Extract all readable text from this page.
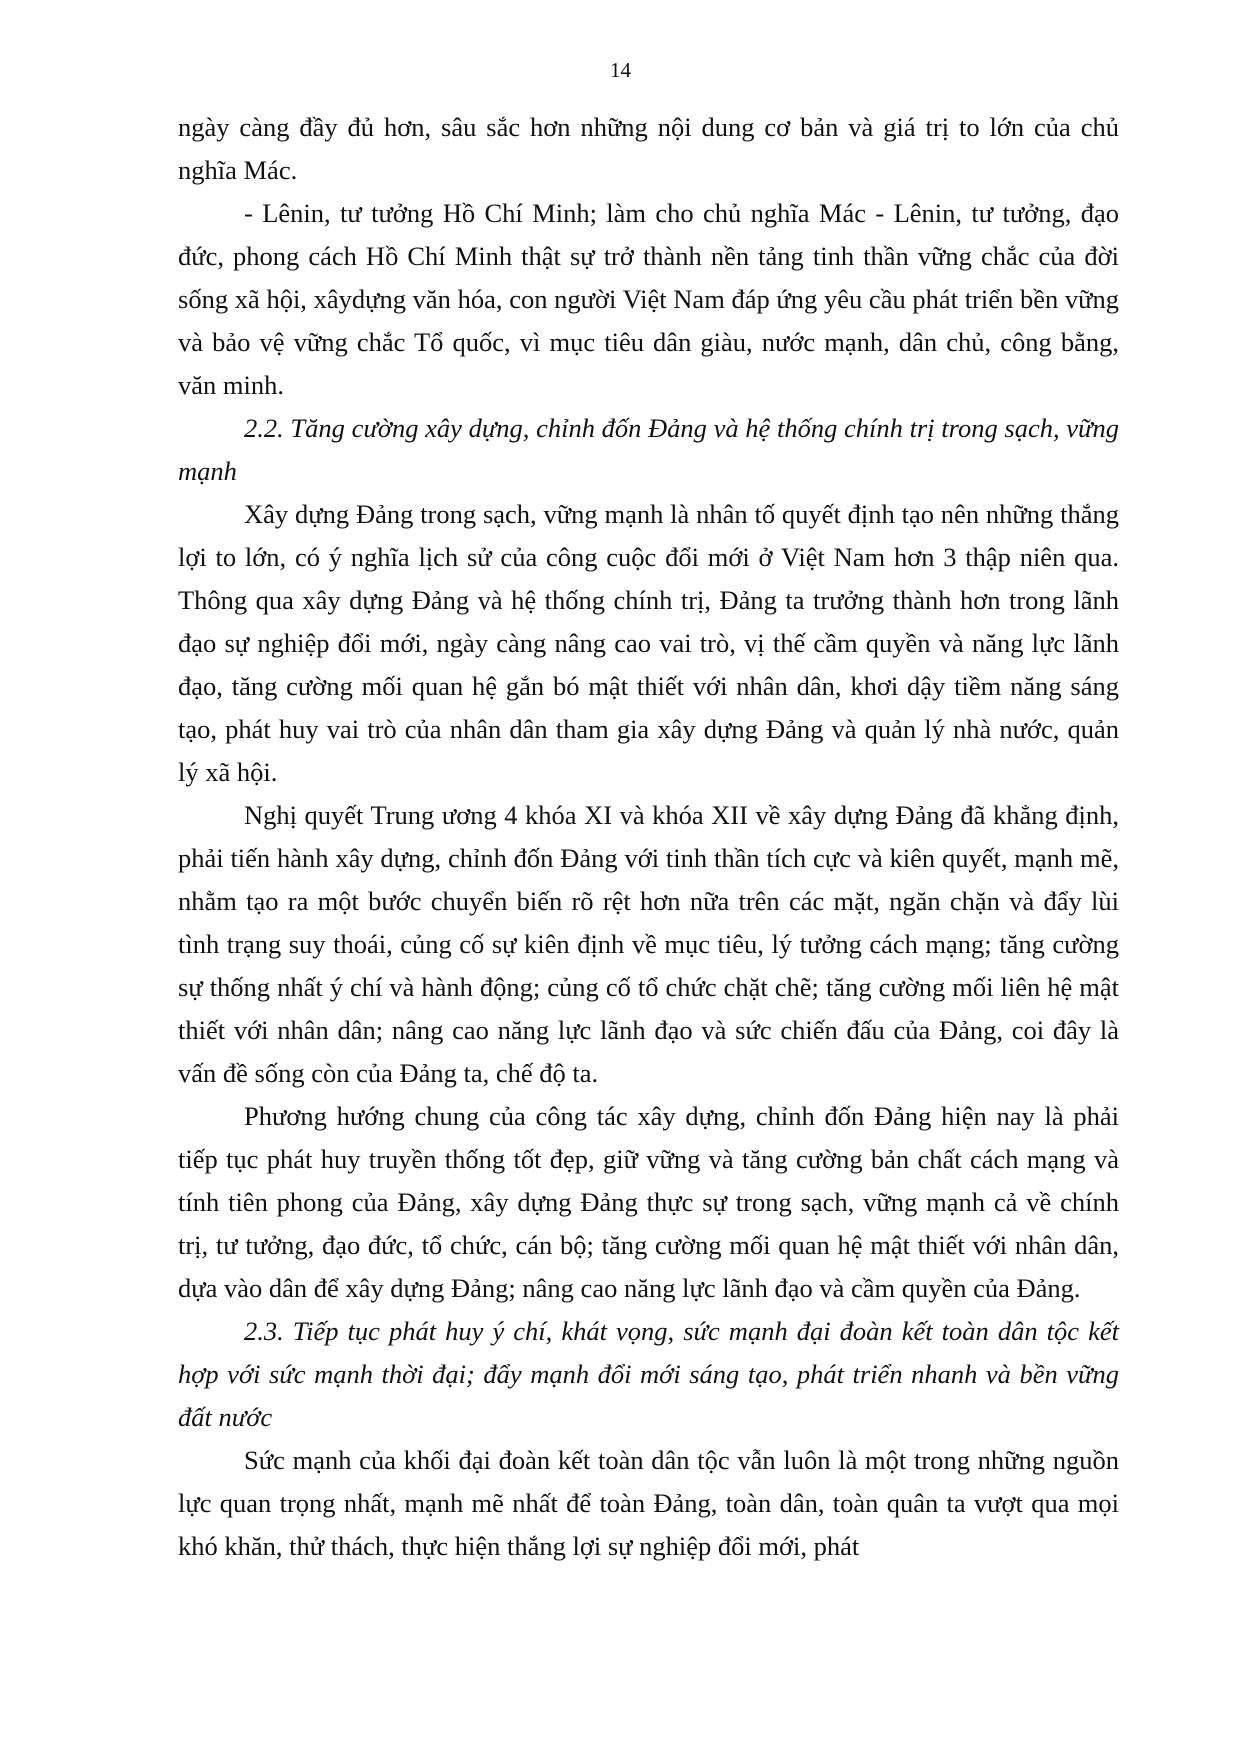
14

ngày càng đầy đủ hơn, sâu sắc hơn những nội dung cơ bản và giá trị to lớn của chủ nghĩa Mác.

- Lênin, tư tưởng Hồ Chí Minh; làm cho chủ nghĩa Mác - Lênin, tư tưởng, đạo đức, phong cách Hồ Chí Minh thật sự trở thành nền tảng tinh thần vững chắc của đời sống xã hội, xâydựng văn hóa, con người Việt Nam đáp ứng yêu cầu phát triển bền vững và bảo vệ vững chắc Tổ quốc, vì mục tiêu dân giàu, nước mạnh, dân chủ, công bằng, văn minh.

2.2. Tăng cường xây dựng, chỉnh đốn Đảng và hệ thống chính trị trong sạch, vững mạnh

Xây dựng Đảng trong sạch, vững mạnh là nhân tố quyết định tạo nên những thắng lợi to lớn, có ý nghĩa lịch sử của công cuộc đổi mới ở Việt Nam hơn 3 thập niên qua. Thông qua xây dựng Đảng và hệ thống chính trị, Đảng ta trưởng thành hơn trong lãnh đạo sự nghiệp đổi mới, ngày càng nâng cao vai trò, vị thế cầm quyền và năng lực lãnh đạo, tăng cường mối quan hệ gắn bó mật thiết với nhân dân, khơi dậy tiềm năng sáng tạo, phát huy vai trò của nhân dân tham gia xây dựng Đảng và quản lý nhà nước, quản lý xã hội.

Nghị quyết Trung ương 4 khóa XI và khóa XII về xây dựng Đảng đã khẳng định, phải tiến hành xây dựng, chỉnh đốn Đảng với tinh thần tích cực và kiên quyết, mạnh mẽ, nhằm tạo ra một bước chuyển biến rõ rệt hơn nữa trên các mặt, ngăn chặn và đẩy lùi tình trạng suy thoái, củng cố sự kiên định về mục tiêu, lý tưởng cách mạng; tăng cường sự thống nhất ý chí và hành động; củng cố tổ chức chặt chẽ; tăng cường mối liên hệ mật thiết với nhân dân; nâng cao năng lực lãnh đạo và sức chiến đấu của Đảng, coi đây là vấn đề sống còn của Đảng ta, chế độ ta.

Phương hướng chung của công tác xây dựng, chỉnh đốn Đảng hiện nay là phải tiếp tục phát huy truyền thống tốt đẹp, giữ vững và tăng cường bản chất cách mạng và tính tiên phong của Đảng, xây dựng Đảng thực sự trong sạch, vững mạnh cả về chính trị, tư tưởng, đạo đức, tổ chức, cán bộ; tăng cường mối quan hệ mật thiết với nhân dân, dựa vào dân để xây dựng Đảng; nâng cao năng lực lãnh đạo và cầm quyền của Đảng.

2.3. Tiếp tục phát huy ý chí, khát vọng, sức mạnh đại đoàn kết toàn dân tộc kết hợp với sức mạnh thời đại; đẩy mạnh đổi mới sáng tạo, phát triển nhanh và bền vững đất nước

Sức mạnh của khối đại đoàn kết toàn dân tộc vẫn luôn là một trong những nguồn lực quan trọng nhất, mạnh mẽ nhất để toàn Đảng, toàn dân, toàn quân ta vượt qua mọi khó khăn, thử thách, thực hiện thắng lợi sự nghiệp đổi mới, phát
